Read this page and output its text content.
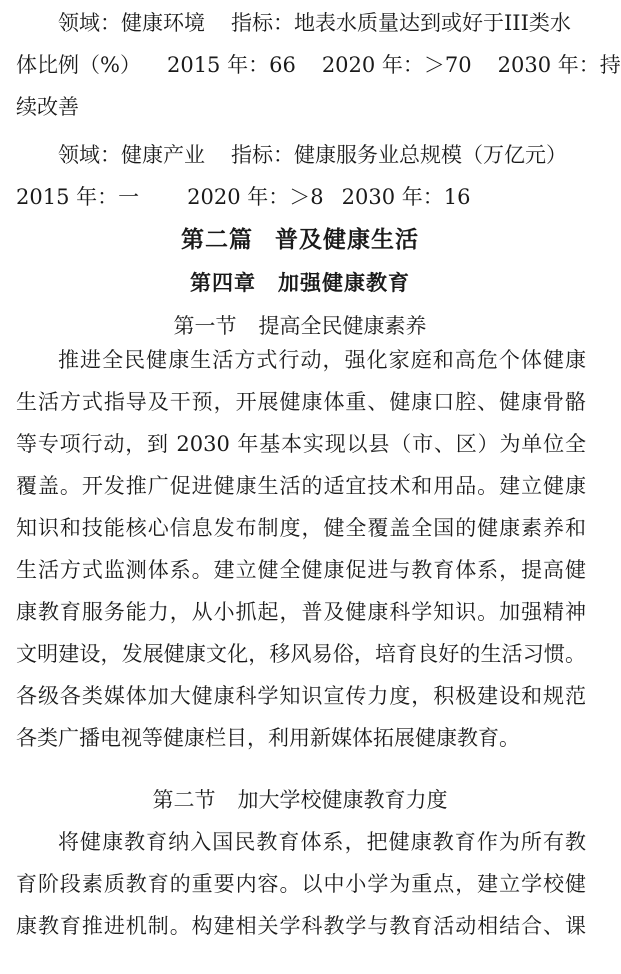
领域：健康环境 指标：地表水质量达到或好于III类水
体比例（%） 2015 年：66 2020 年：＞70 2030 年：持
续改善
领域：健康产业 指标：健康服务业总规模（万亿元）
2015 年：一 2020 年：＞8 2030 年：16
第二篇 普及健康生活
第四章 加强健康教育
第一节 提高全民健康素养
推进全民健康生活方式行动，强化家庭和高危个体健康
生活方式指导及干预，开展健康体重、健康口腔、健康骨骼
等专项行动，到 2030 年基本实现以县（市、区）为单位全
覆盖。开发推广促进健康生活的适宜技术和用品。建立健康
知识和技能核心信息发布制度，健全覆盖全国的健康素养和
生活方式监测体系。建立健全健康促进与教育体系，提高健
康教育服务能力，从小抓起，普及健康科学知识。加强精神
文明建设，发展健康文化，移风易俗，培育良好的生活习惯。
各级各类媒体加大健康科学知识宣传力度，积极建设和规范
各类广播电视等健康栏目，利用新媒体拓展健康教育。
第二节 加大学校健康教育力度
将健康教育纳入国民教育体系，把健康教育作为所有教
育阶段素质教育的重要内容。以中小学为重点，建立学校健
康教育推进机制。构建相关学科教学与教育活动相结合、课
